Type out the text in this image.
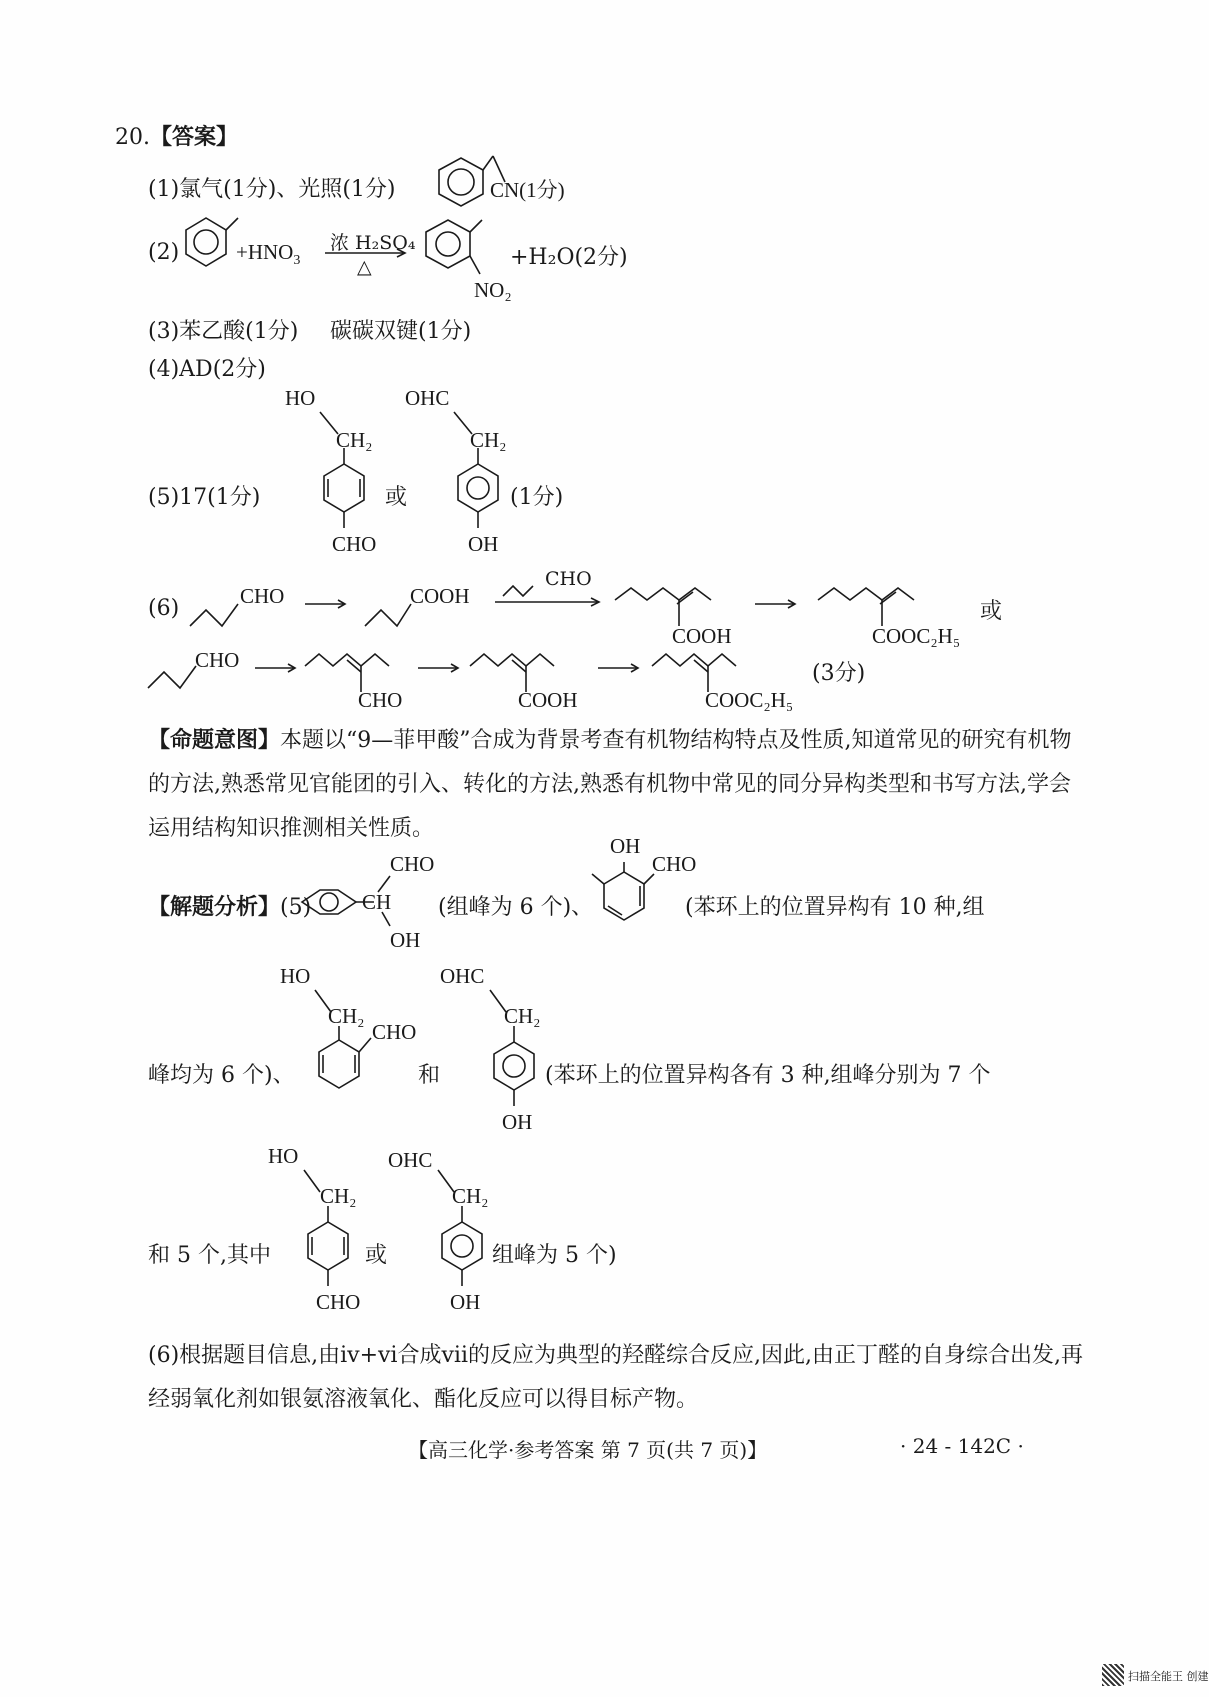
20.【答案】
(1)氯气(1分)、光照(1分)	CN(1分)
(2)	$+HNO_3$
浓 H₂SO₄
△
NO₂
+H₂O(2分)
(3)苯乙酸(1分) 碳碳双键(1分)
(4)AD(2分)
(5)17(1分)
HO
CH₂
CHO
或
OHC
CH₂
OH
(1分)
(6)	CHO	COOH
CHO
COOH	COOC₂H₅
或
CHO
CHO	COOH	COOC₂H₅
(3分)
【命题意图】本题以“9—菲甲酸”合成为背景考查有机物结构特点及性质,知道常见的研究有机物的方法,熟悉常见官能团的引入、转化的方法,熟悉有机物中常见的同分异构类型和书写方法,学会运用结构知识推测相关性质。
【解题分析】(5)
CHO
CH
OH
(组峰为 6 个)、
OH
CHO
(苯环上的位置异构有 10 种,组
峰均为 6 个)、
HO
CH₂
CHO
和
OHC
CH₂
OH
(苯环上的位置异构各有 3 种,组峰分别为 7 个
和 5 个,其中
HO
CH₂
CHO
或
OHC
CH₂
OH
组峰为 5 个)
(6)根据题目信息,由ⅳ+ⅵ合成ⅶ的反应为典型的羟醛综合反应,因此,由正丁醛的自身综合出发,再经弱氧化剂如银氨溶液氧化、酯化反应可以得目标产物。
【高三化学·参考答案 第 7 页(共 7 页)】	· 24 - 142C ·
扫描全能王 创建
